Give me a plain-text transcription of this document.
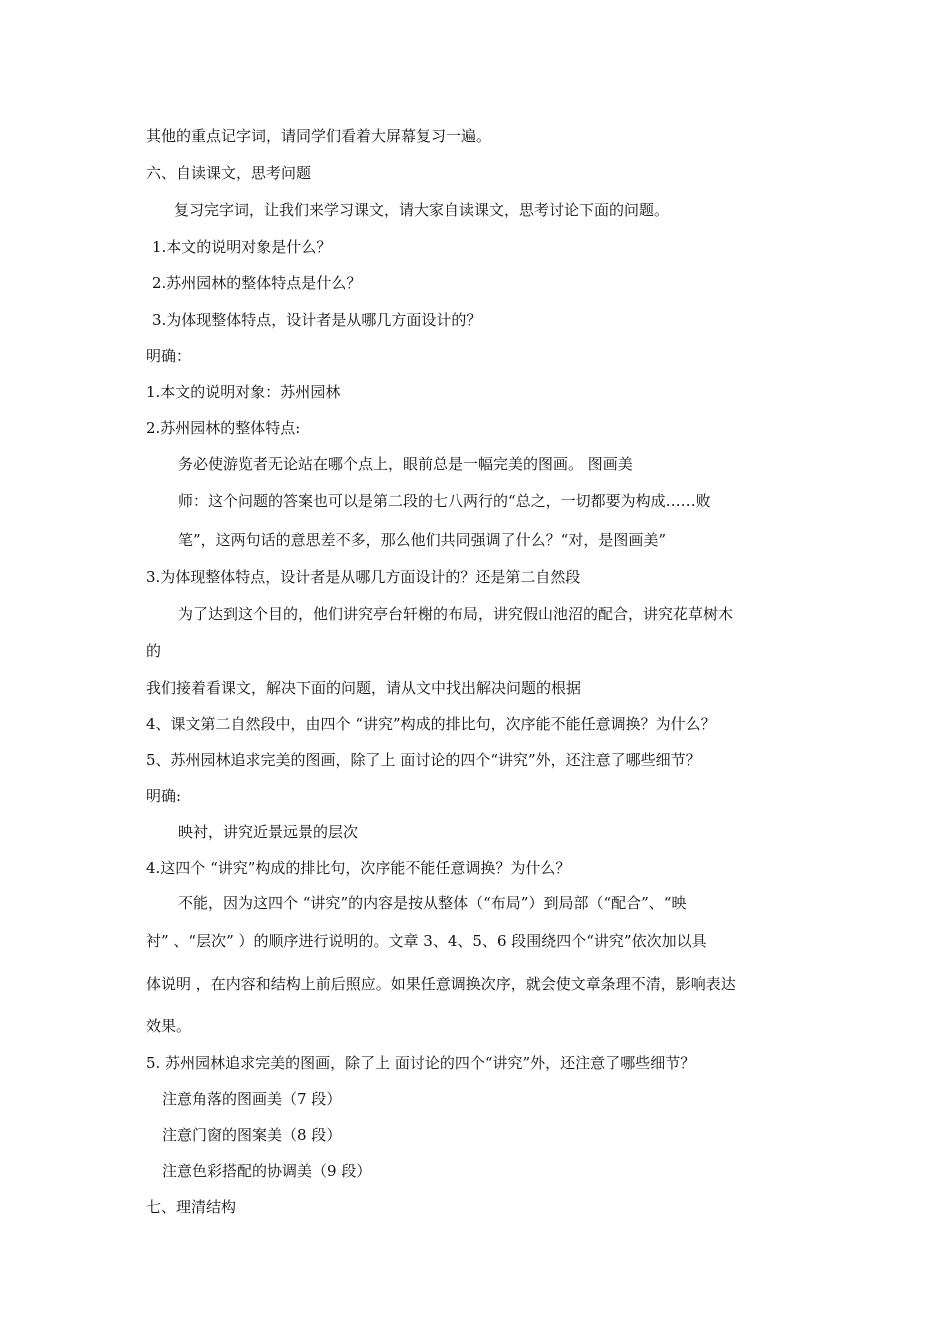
其他的重点记字词，请同学们看着大屏幕复习一遍。
六、自读课文，思考问题
复习完字词，让我们来学习课文，请大家自读课文，思考讨论下面的问题。
1.本文的说明对象是什么？
2.苏州园林的整体特点是什么？
3.为体现整体特点，设计者是从哪几方面设计的？
明确：
1.本文的说明对象：苏州园林
2.苏州园林的整体特点:
务必使游览者无论站在哪个点上，眼前总是一幅完美的图画。 图画美
师：这个问题的答案也可以是第二段的七八两行的“总之，一切都要为构成……败
笔”，这两句话的意思差不多，那么他们共同强调了什么？“对，是图画美”
3.为体现整体特点，设计者是从哪几方面设计的？还是第二自然段
为了达到这个目的，他们讲究亭台轩榭的布局，讲究假山池沼的配合，讲究花草树木
的
我们接着看课文，解决下面的问题，请从文中找出解决问题的根据
4、课文第二自然段中，由四个 “讲究”构成的排比句，次序能不能任意调换？为什么？
5、苏州园林追求完美的图画，除了上 面讨论的四个“讲究”外，还注意了哪些细节？
明确:
映衬，讲究近景远景的层次
4.这四个 “讲究”构成的排比句，次序能不能任意调换？为什么？
不能，因为这四个 “讲究”的内容是按从整体（“布局”）到局部（“配合”、“映
衬” 、“层次” ）的顺序进行说明的。文章 3、4、5、6 段围绕四个“讲究”依次加以具
体说明 ，在内容和结构上前后照应。如果任意调换次序，就会使文章条理不清，影响表达
效果。
5. 苏州园林追求完美的图画，除了上 面讨论的四个“讲究”外，还注意了哪些细节？
注意角落的图画美（7 段）
注意门窗的图案美（8 段）
注意色彩搭配的协调美（9 段）
七、理清结构
